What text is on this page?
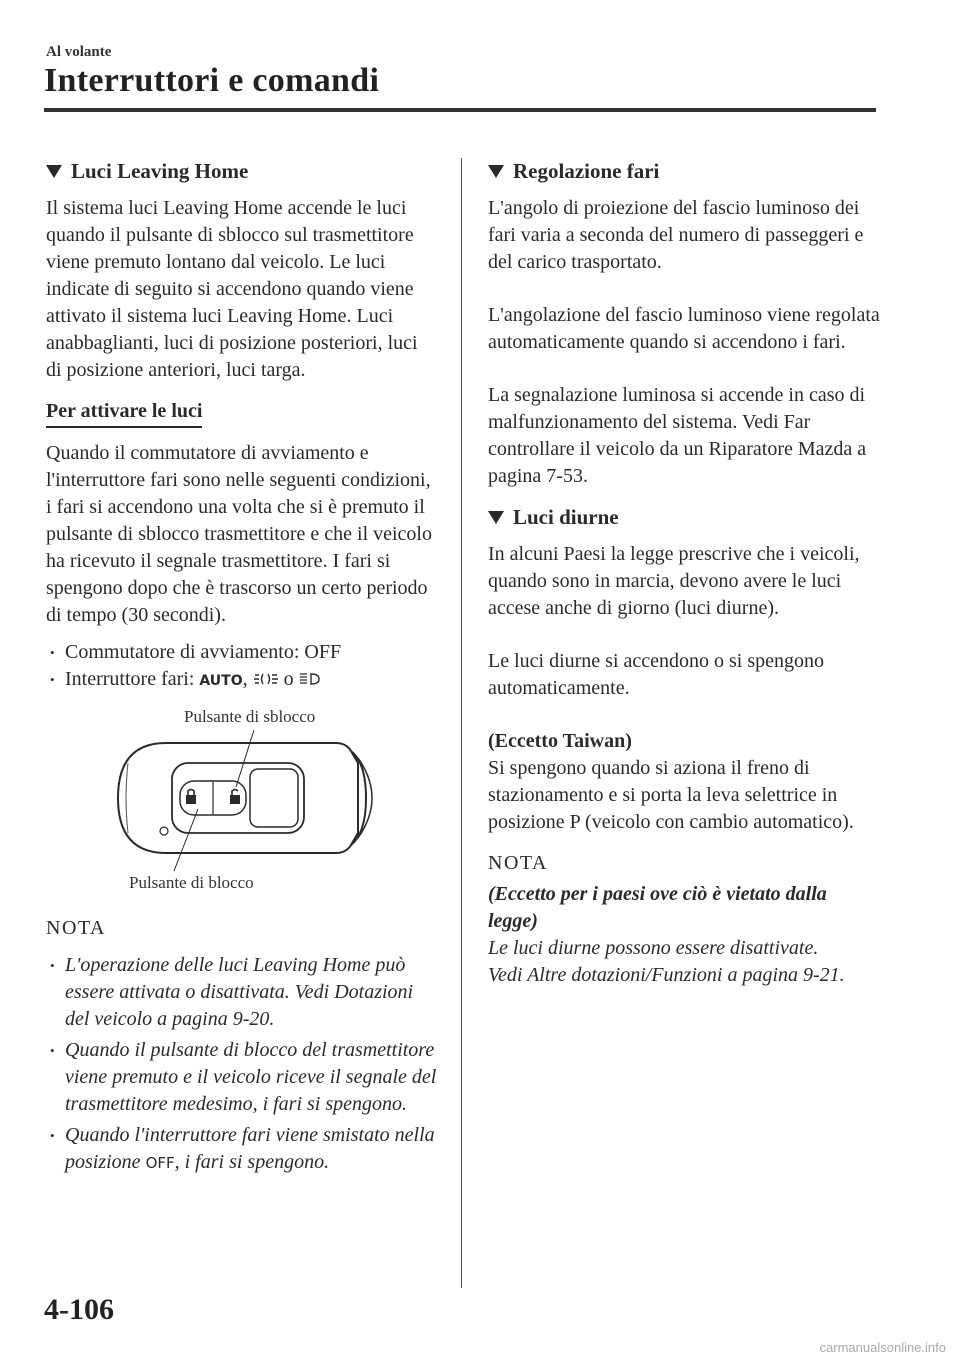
Al volante
Interruttori e comandi
Luci Leaving Home

Il sistema luci Leaving Home accende le luci quando il pulsante di sblocco sul trasmettitore viene premuto lontano dal veicolo. Le luci indicate di seguito si accendono quando viene attivato il sistema luci Leaving Home. Luci anabbaglianti, luci di posizione posteriori, luci di posizione anteriori, luci targa.

Per attivare le luci

Quando il commutatore di avviamento e l'interruttore fari sono nelle seguenti condizioni, i fari si accendono una volta che si è premuto il pulsante di sblocco trasmettitore e che il veicolo ha ricevuto il segnale trasmettitore. I fari si spengono dopo che è trascorso un certo periodo di tempo (30 secondi).

• Commutatore di avviamento: OFF
• Interruttore fari: AUTO,  o
Pulsante di sblocco
Pulsante di blocco
NOTA
• L'operazione delle luci Leaving Home può essere attivata o disattivata. Vedi Dotazioni del veicolo a pagina 9-20.
• Quando il pulsante di blocco del trasmettitore viene premuto e il veicolo riceve il segnale del trasmettitore medesimo, i fari si spengono.
• Quando l'interruttore fari viene smistato nella posizione OFF, i fari si spengono.
Regolazione fari

L'angolo di proiezione del fascio luminoso dei fari varia a seconda del numero di passeggeri e del carico trasportato.

L'angolazione del fascio luminoso viene regolata automaticamente quando si accendono i fari.

La segnalazione luminosa si accende in caso di malfunzionamento del sistema. Vedi Far controllare il veicolo da un Riparatore Mazda a pagina 7-53.

Luci diurne

In alcuni Paesi la legge prescrive che i veicoli, quando sono in marcia, devono avere le luci accese anche di giorno (luci diurne).

Le luci diurne si accendono o si spengono automaticamente.

(Eccetto Taiwan)

Si spengono quando si aziona il freno di stazionamento e si porta la leva selettrice in posizione P (veicolo con cambio automatico).

NOTA
(Eccetto per i paesi ove ciò è vietato dalla legge)
Le luci diurne possono essere disattivate.
Vedi Altre dotazioni/Funzioni a pagina 9-21.
4-106
carmanualsonline.info
